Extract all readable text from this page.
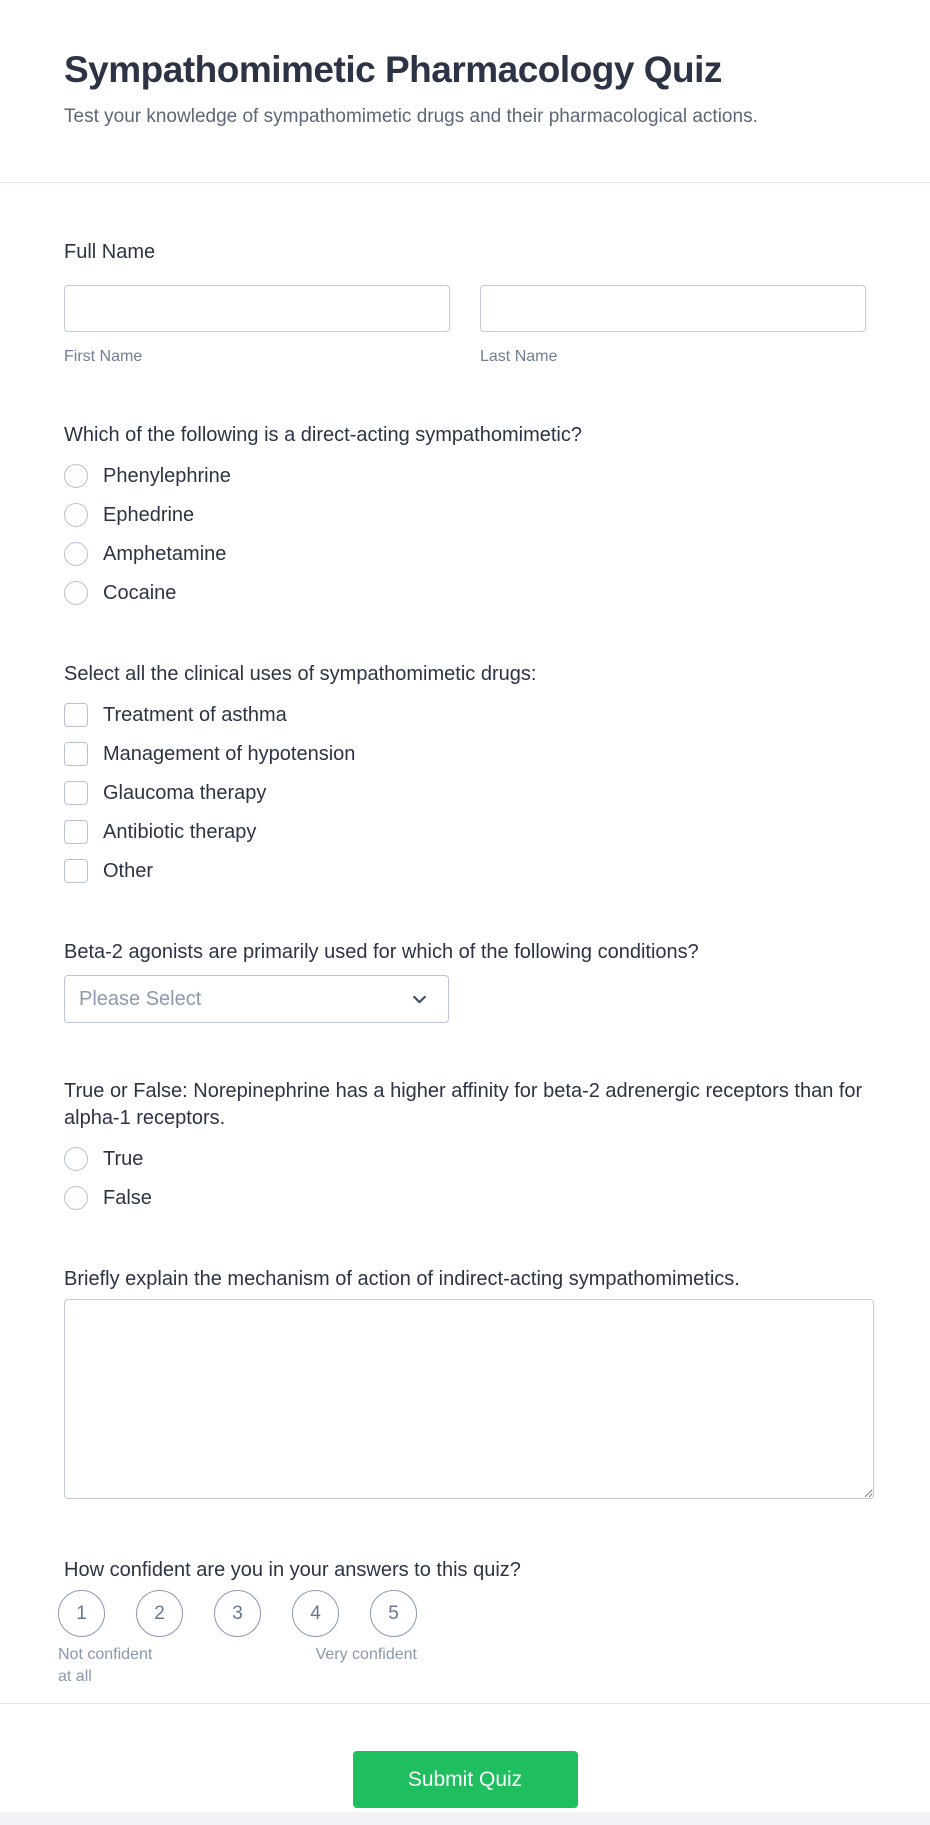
Sympathomimetic Pharmacology Quiz
Test your knowledge of sympathomimetic drugs and their pharmacological actions.
Full Name
First Name	Last Name
Which of the following is a direct-acting sympathomimetic?
Phenylephrine
Ephedrine
Amphetamine
Cocaine
Select all the clinical uses of sympathomimetic drugs:
Treatment of asthma
Management of hypotension
Glaucoma therapy
Antibiotic therapy
Other
Beta-2 agonists are primarily used for which of the following conditions?
Please Select
True or False: Norepinephrine has a higher affinity for beta-2 adrenergic receptors than for alpha-1 receptors.
True
False
Briefly explain the mechanism of action of indirect-acting sympathomimetics.
How confident are you in your answers to this quiz?
1	2	3	4	5
Not confident at all
Very confident
Submit Quiz
